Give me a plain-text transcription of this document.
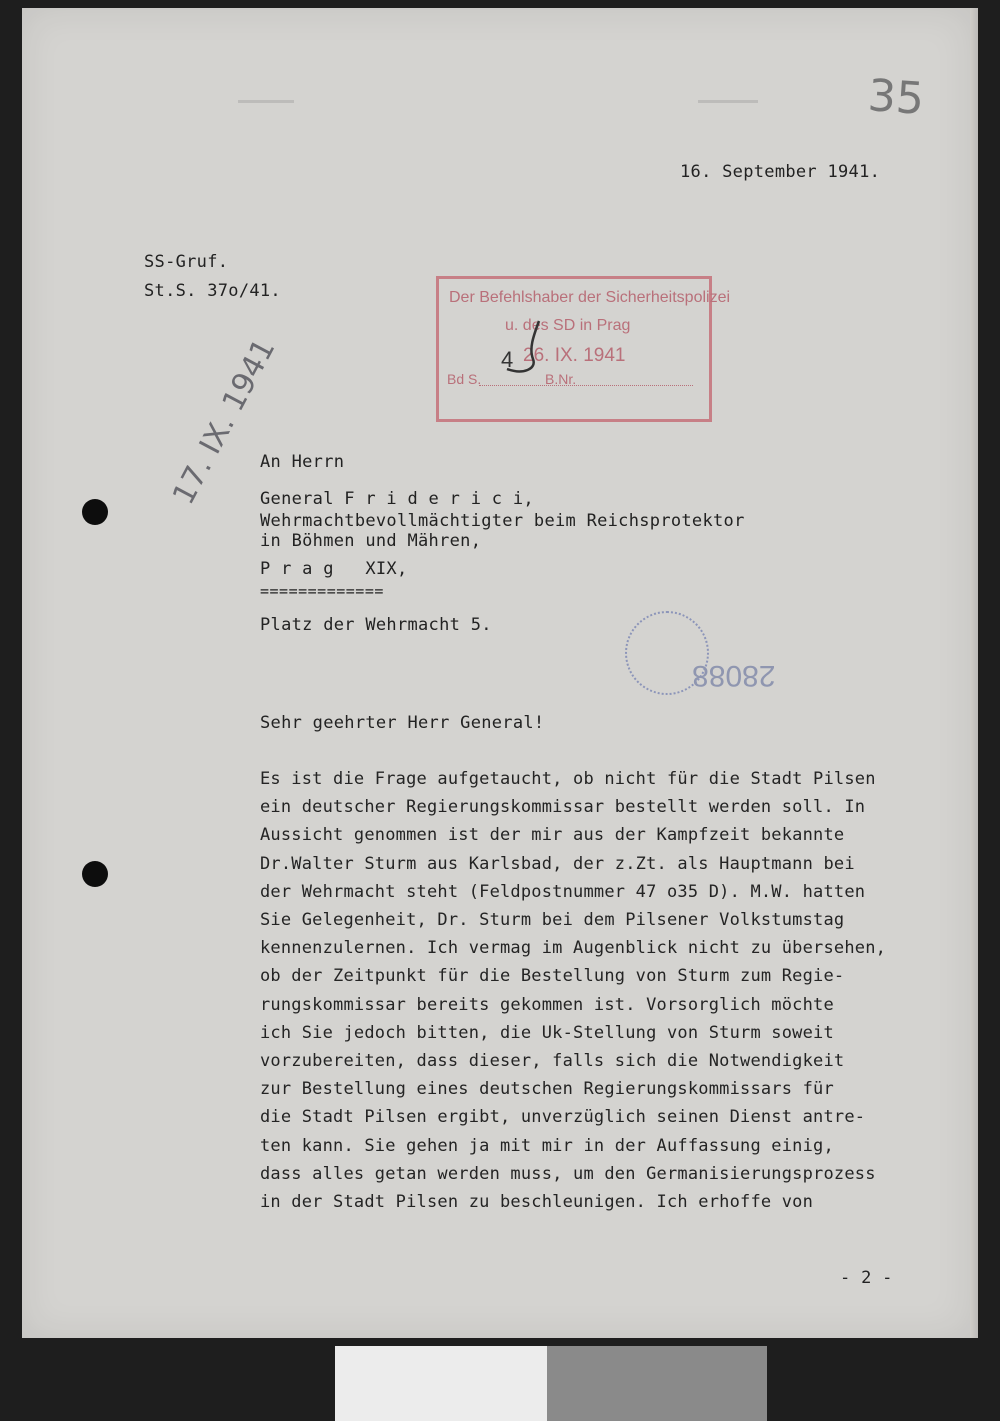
35
16. September 1941.
SS-Gruf.
St.S. 37o/41.	Der Befehlshaber der Sicherheitspolizei
u. des SD in Prag
26. IX. 1941
4
Bd S.	B.Nr.
17. IX. 1941
An Herrn
General F r i d e r i c i,
Wehrmachtbevollmächtigter beim Reichsprotektor
in Böhmen und Mähren,
P r a g   XIX,
=============
Platz der Wehrmacht 5.
28088
Sehr geehrter Herr General!
Es ist die Frage aufgetaucht, ob nicht für die Stadt Pilsen
ein deutscher Regierungskommissar bestellt werden soll. In
Aussicht genommen ist der mir aus der Kampfzeit bekannte
Dr.Walter Sturm aus Karlsbad, der z.Zt. als Hauptmann bei
der Wehrmacht steht (Feldpostnummer 47 o35 D). M.W. hatten
Sie Gelegenheit, Dr. Sturm bei dem Pilsener Volkstumstag
kennenzulernen. Ich vermag im Augenblick nicht zu übersehen,
ob der Zeitpunkt für die Bestellung von Sturm zum Regie-
rungskommissar bereits gekommen ist. Vorsorglich möchte
ich Sie jedoch bitten, die Uk-Stellung von Sturm soweit
vorzubereiten, dass dieser, falls sich die Notwendigkeit
zur Bestellung eines deutschen Regierungskommissars für
die Stadt Pilsen ergibt, unverzüglich seinen Dienst antre-
ten kann. Sie gehen ja mit mir in der Auffassung einig,
dass alles getan werden muss, um den Germanisierungsprozess
in der Stadt Pilsen zu beschleunigen. Ich erhoffe von
- 2 -
